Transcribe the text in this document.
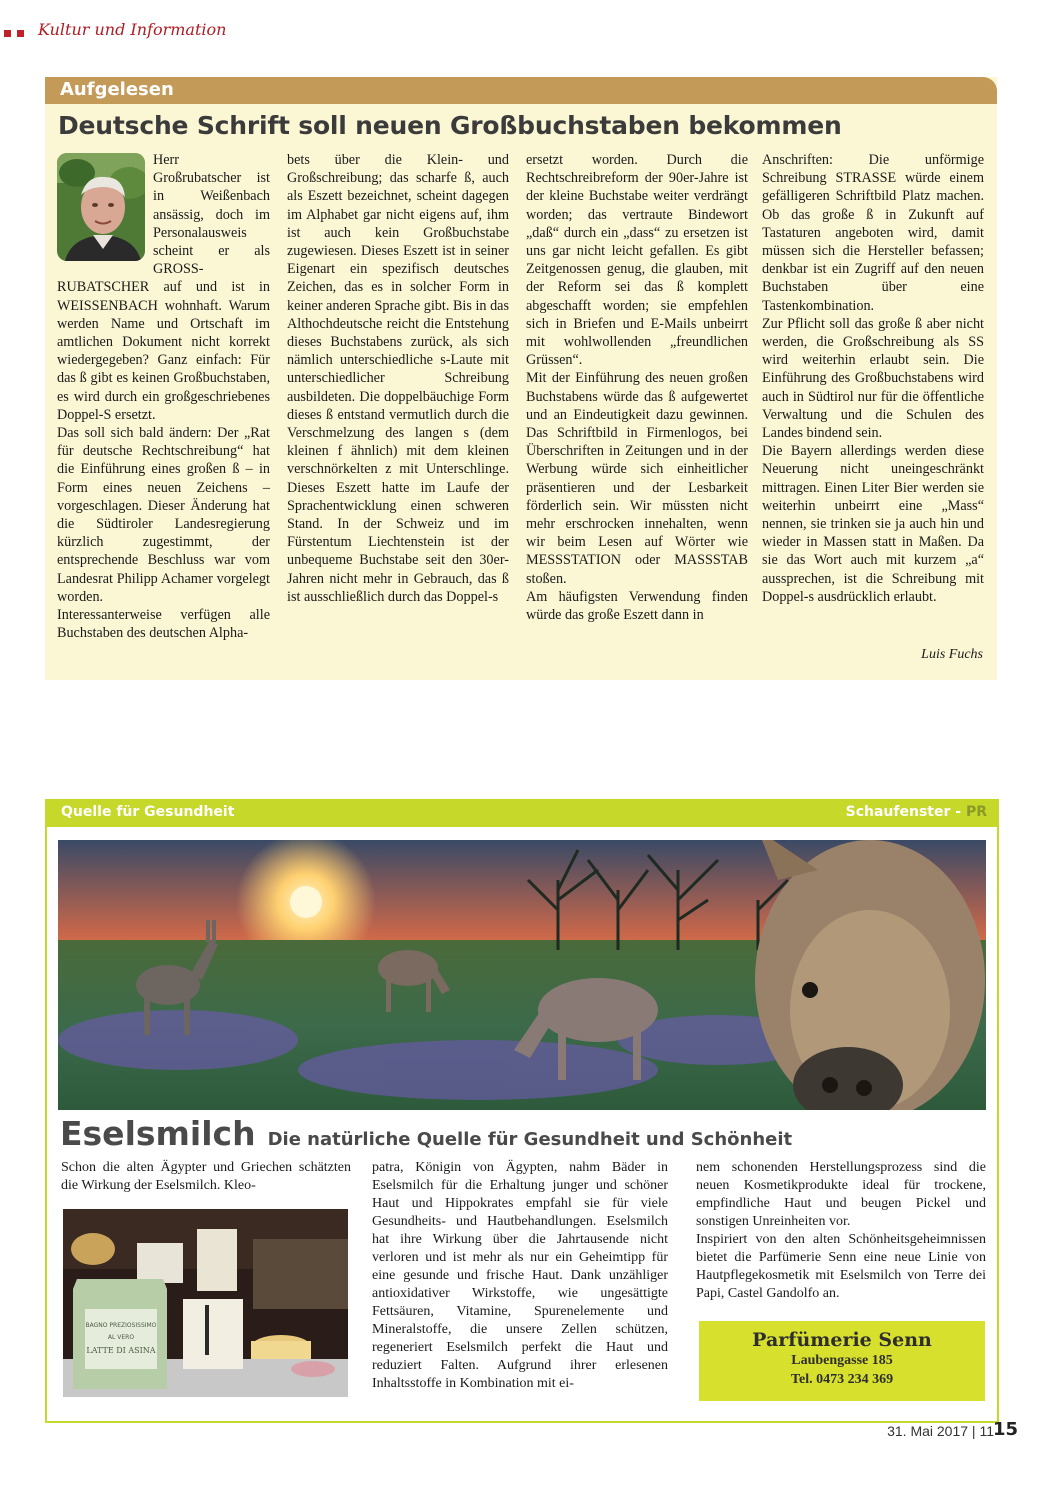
Kultur und Information
Aufgelesen
Deutsche Schrift soll neuen Großbuchstaben bekommen

Herr Großrubatscher ist in Weißenbach ansässig, doch im Personalausweis scheint er als GROSS-RUBATSCHER auf und ist in WEISSENBACH wohnhaft. Warum werden Name und Ortschaft im amtlichen Dokument nicht korrekt wiedergegeben? Ganz einfach: Für das ß gibt es keinen Großbuchstaben, es wird durch ein großgeschriebenes Doppel-S ersetzt.

Das soll sich bald ändern: Der „Rat für deutsche Rechtschreibung“ hat die Einführung eines großen ß – in Form eines neuen Zeichens – vorgeschlagen. Dieser Änderung hat die Südtiroler Landesregierung kürzlich zugestimmt, der entsprechende Beschluss war vom Landesrat Philipp Achamer vorgelegt worden.

Interessanterweise verfügen alle Buchstaben des deutschen Alpha-

bets über die Klein- und Großschreibung; das scharfe ß, auch als Eszett bezeichnet, scheint dagegen im Alphabet gar nicht eigens auf, ihm ist auch kein Großbuchstabe zugewiesen. Dieses Eszett ist in seiner Eigenart ein spezifisch deutsches Zeichen, das es in solcher Form in keiner anderen Sprache gibt. Bis in das Althochdeutsche reicht die Entstehung dieses Buchstabens zurück, als sich nämlich unterschiedliche s-Laute mit unterschiedlicher Schreibung ausbildeten. Die doppelbäuchige Form dieses ß entstand vermutlich durch die Verschmelzung des langen s (dem kleinen f ähnlich) mit dem kleinen verschnörkelten z mit Unterschlinge. Dieses Eszett hatte im Laufe der Sprachentwicklung einen schweren Stand. In der Schweiz und im Fürstentum Liechtenstein ist der unbequeme Buchstabe seit den 30er-Jahren nicht mehr in Gebrauch, das ß ist ausschließlich durch das Doppel-s

ersetzt worden. Durch die Rechtschreibreform der 90er-Jahre ist der kleine Buchstabe weiter verdrängt worden; das vertraute Bindewort „daß“ durch ein „dass“ zu ersetzen ist uns gar nicht leicht gefallen. Es gibt Zeitgenossen genug, die glauben, mit der Reform sei das ß komplett abgeschafft worden; sie empfehlen sich in Briefen und E-Mails unbeirrt mit wohlwollenden „freundlichen Grüssen“.

Mit der Einführung des neuen großen Buchstabens würde das ß aufgewertet und an Eindeutigkeit dazu gewinnen. Das Schriftbild in Firmenlogos, bei Überschriften in Zeitungen und in der Werbung würde sich einheitlicher präsentieren und der Lesbarkeit förderlich sein. Wir müssten nicht mehr erschrocken innehalten, wenn wir beim Lesen auf Wörter wie MESSSTATION oder MASSSTAB stoßen.

Am häufigsten Verwendung finden würde das große Eszett dann in

Anschriften: Die unförmige Schreibung STRASSE würde einem gefälligeren Schriftbild Platz machen. Ob das große ß in Zukunft auf Tastaturen angeboten wird, damit müssen sich die Hersteller befassen; denkbar ist ein Zugriff auf den neuen Buchstaben über eine Tastenkombination.

Zur Pflicht soll das große ß aber nicht werden, die Großschreibung als SS wird weiterhin erlaubt sein. Die Einführung des Großbuchstabens wird auch in Südtirol nur für die öffentliche Verwaltung und die Schulen des Landes bindend sein.

Die Bayern allerdings werden diese Neuerung nicht uneingeschränkt mittragen. Einen Liter Bier werden sie weiterhin unbeirrt eine „Mass“ nennen, sie trinken sie ja auch hin und wieder in Massen statt in Maßen. Da sie das Wort auch mit kurzem „a“ aussprechen, ist die Schreibung mit Doppel-s ausdrücklich erlaubt.

Luis Fuchs
Quelle für Gesundheit	Schaufenster - PR
Eselsmilch Die natürliche Quelle für Gesundheit und Schönheit

Schon die alten Ägypter und Griechen schätzten die Wirkung der Eselsmilch. Kleo-

BAGNO PREZIOSISSIMO
AL VERO
LATTE DI ASINA

patra, Königin von Ägypten, nahm Bäder in Eselsmilch für die Erhaltung junger und schöner Haut und Hippokrates empfahl sie für viele Gesundheits- und Hautbehandlungen. Eselsmilch hat ihre Wirkung über die Jahrtausende nicht verloren und ist mehr als nur ein Geheimtipp für eine gesunde und frische Haut. Dank unzähliger antioxidativer Wirkstoffe, wie ungesättigte Fettsäuren, Vitamine, Spurenelemente und Mineralstoffe, die unsere Zellen schützen, regeneriert Eselsmilch perfekt die Haut und reduziert Falten. Aufgrund ihrer erlesenen Inhaltsstoffe in Kombination mit ei-

nem schonenden Herstellungsprozess sind die neuen Kosmetikprodukte ideal für trockene, empfindliche Haut und beugen Pickel und sonstigen Unreinheiten vor.

Inspiriert von den alten Schönheitsgeheimnissen bietet die Parfümerie Senn eine neue Linie von Hautpflegekosmetik mit Eselsmilch von Terre dei Papi, Castel Gandolfo an.

Parfümerie Senn
Laubengasse 185
Tel. 0473 234 369
31. Mai 2017 | 11
15
